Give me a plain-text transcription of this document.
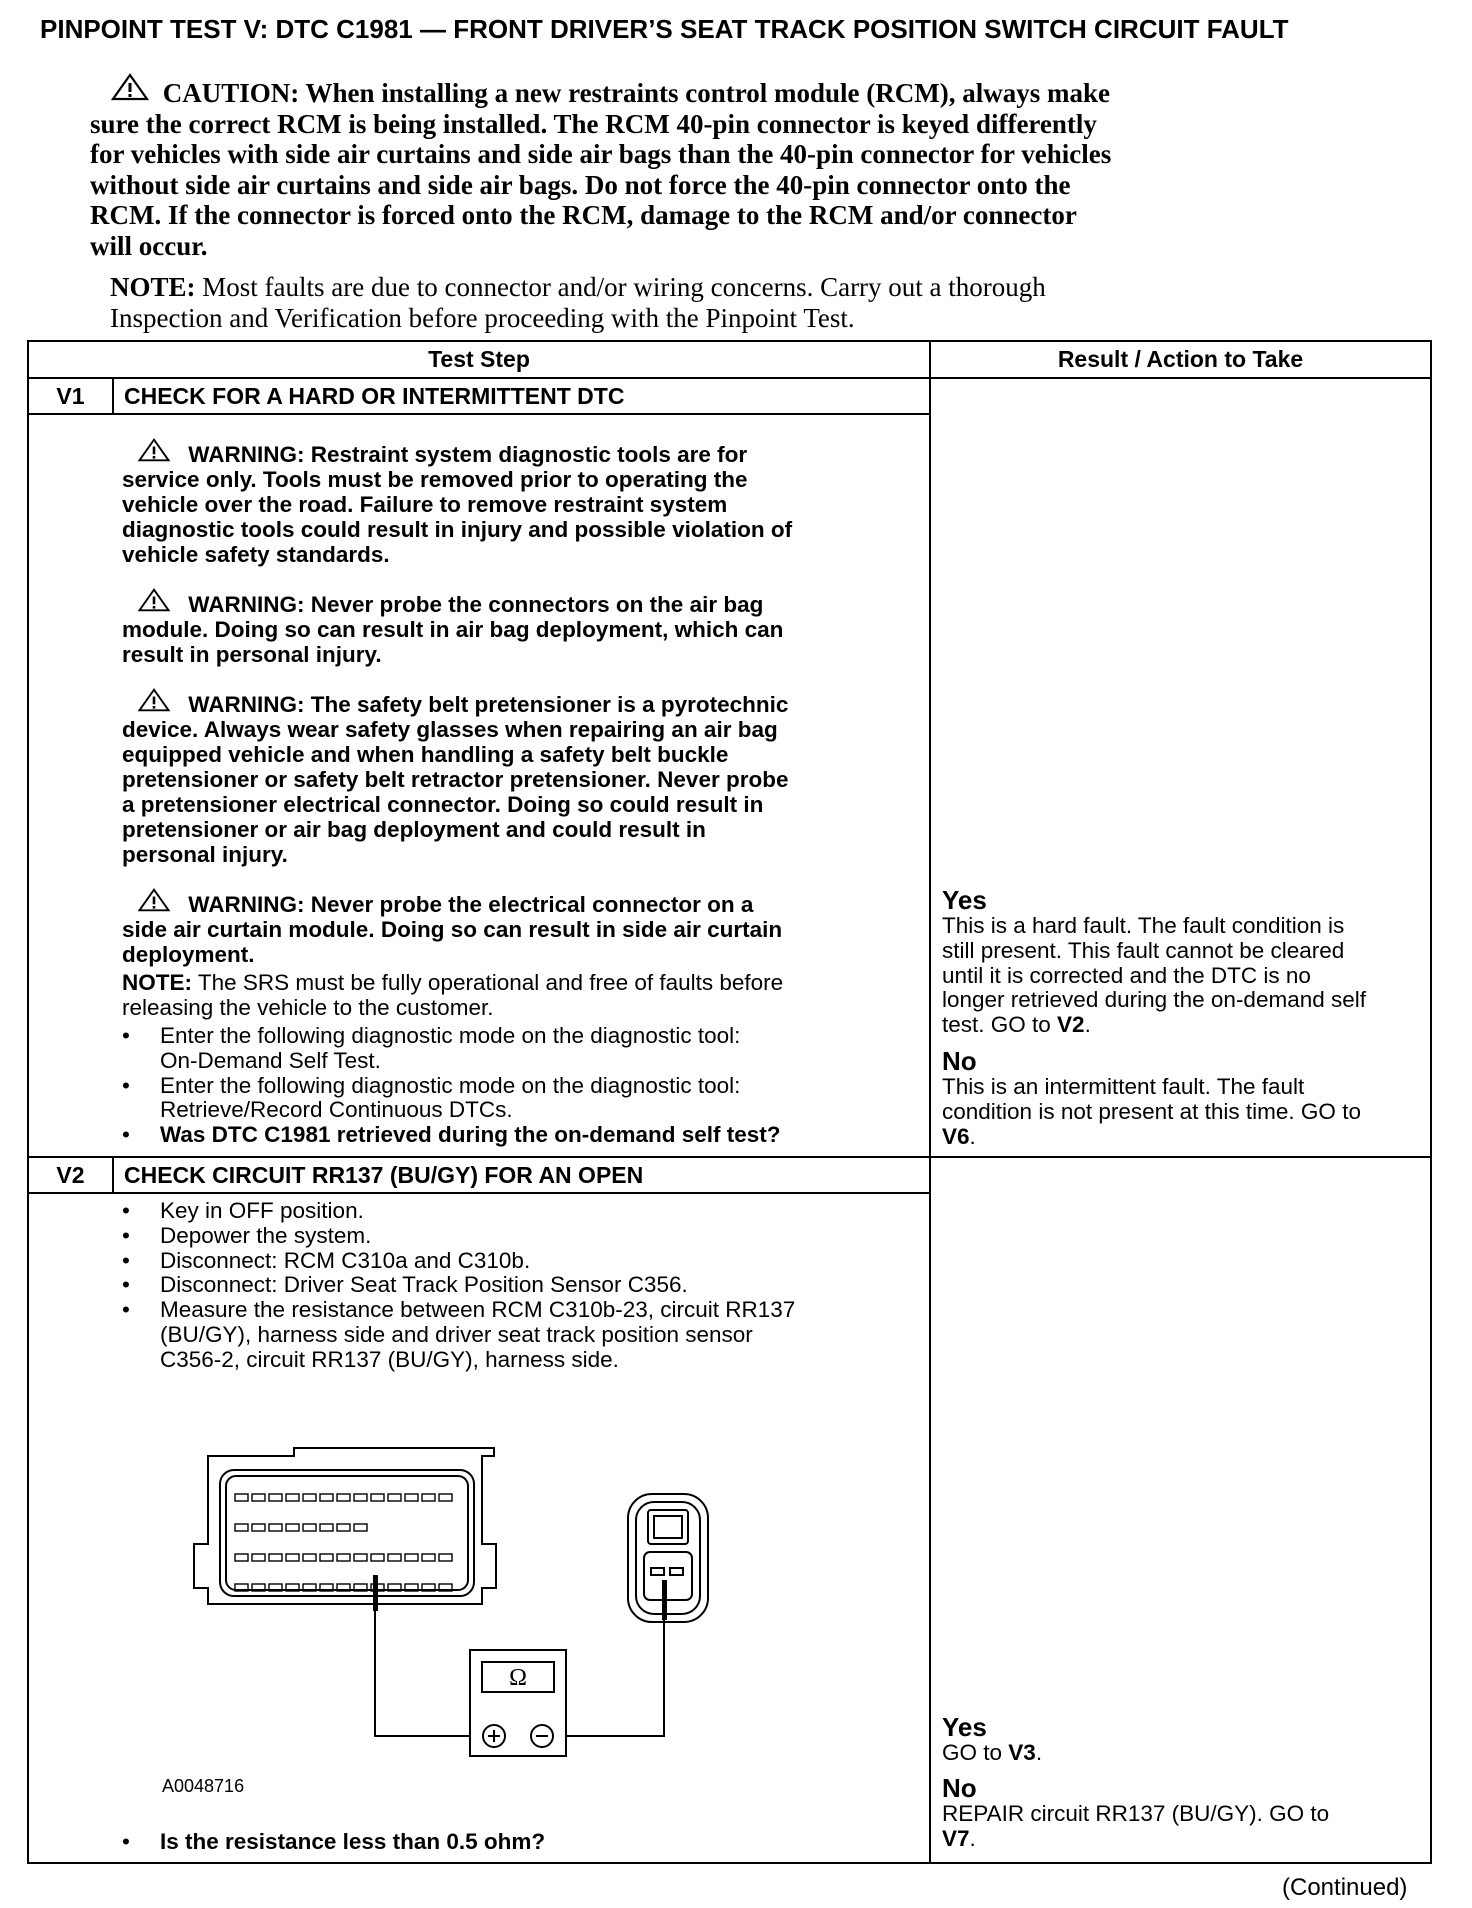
PINPOINT TEST V: DTC C1981 — FRONT DRIVER’S SEAT TRACK POSITION SWITCH CIRCUIT FAULT
CAUTION: When installing a new restraints control module (RCM), always make
sure the correct RCM is being installed. The RCM 40-pin connector is keyed differently
for vehicles with side air curtains and side air bags than the 40-pin connector for vehicles
without side air curtains and side air bags. Do not force the 40-pin connector onto the
RCM. If the connector is forced onto the RCM, damage to the RCM and/or connector
will occur.
NOTE: Most faults are due to connector and/or wiring concerns. Carry out a thorough
Inspection and Verification before proceeding with the Pinpoint Test.
Test Step	Result / Action to Take
V1	CHECK FOR A HARD OR INTERMITTENT DTC
WARNING: Restraint system diagnostic tools are for
service only. Tools must be removed prior to operating the
vehicle over the road. Failure to remove restraint system
diagnostic tools could result in injury and possible violation of
vehicle safety standards.
WARNING: Never probe the connectors on the air bag
module. Doing so can result in air bag deployment, which can
result in personal injury.
WARNING: The safety belt pretensioner is a pyrotechnic
device. Always wear safety glasses when repairing an air bag
equipped vehicle and when handling a safety belt buckle
pretensioner or safety belt retractor pretensioner. Never probe
a pretensioner electrical connector. Doing so could result in
pretensioner or air bag deployment and could result in
personal injury.
WARNING: Never probe the electrical connector on a
side air curtain module. Doing so can result in side air curtain
deployment.
NOTE: The SRS must be fully operational and free of faults before
releasing the vehicle to the customer.
• Enter the following diagnostic mode on the diagnostic tool:
On-Demand Self Test.
• Enter the following diagnostic mode on the diagnostic tool:
Retrieve/Record Continuous DTCs.
• Was DTC C1981 retrieved during the on-demand self test?
Yes
This is a hard fault. The fault condition is
still present. This fault cannot be cleared
until it is corrected and the DTC is no
longer retrieved during the on-demand self
test. GO to V2.
No
This is an intermittent fault. The fault
condition is not present at this time. GO to
V6.
V2	CHECK CIRCUIT RR137 (BU/GY) FOR AN OPEN
• Key in OFF position.
• Depower the system.
• Disconnect: RCM C310a and C310b.
• Disconnect: Driver Seat Track Position Sensor C356.
• Measure the resistance between RCM C310b-23, circuit RR137
(BU/GY), harness side and driver seat track position sensor
C356-2, circuit RR137 (BU/GY), harness side.
Ω
A0048716
• Is the resistance less than 0.5 ohm?
Yes
GO to V3.
No
REPAIR circuit RR137 (BU/GY). GO to
V7.
(Continued)
